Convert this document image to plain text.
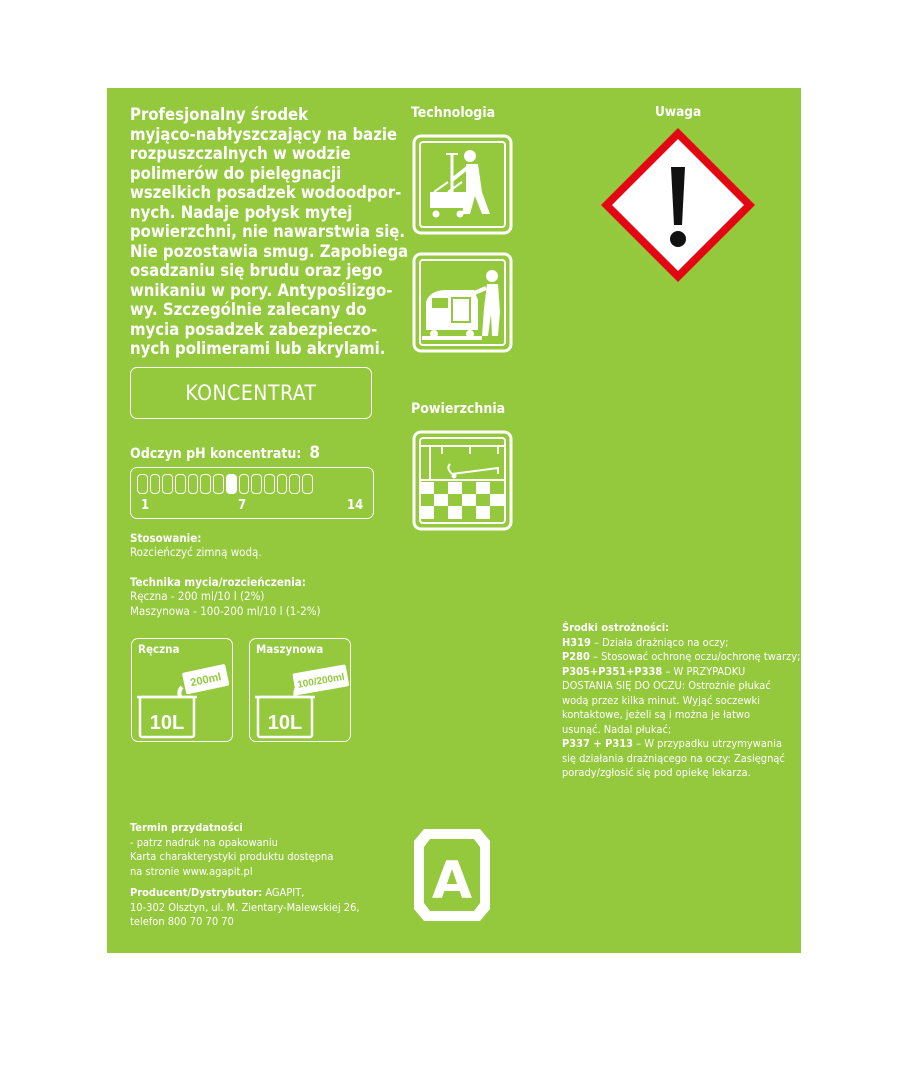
Profesjonalny środek
myjąco-nabłyszczający na bazie
rozpuszczalnych w wodzie
polimerów do pielęgnacji
wszelkich posadzek wodoodpor-
nych. Nadaje połysk mytej
powierzchni, nie nawarstwia się.
Nie pozostawia smug. Zapobiega
osadzaniu się brudu oraz jego
wnikaniu w pory. Antypoślizgo-
wy. Szczególnie zalecany do
mycia posadzek zabezpieczo-
nych polimerami lub akrylami.
KONCENTRAT
Odczyn pH koncentratu: 8
1	7	14
Stosowanie:
Rozcieńczyć zimną wodą.
Technika mycia/rozcieńczenia:
Ręczna - 200 ml/10 l (2%)
Maszynowa - 100-200 ml/10 l (1-2%)
Ręczna
200ml
10L
Maszynowa
100/200ml
10L
Termin przydatności
- patrz nadruk na opakowaniu
Karta charakterystyki produktu dostępna
na stronie www.agapit.pl
Producent/Dystrybutor: AGAPIT,
10-302 Olsztyn, ul. M. Zientary-Malewskiej 26,
telefon 800 70 70 70
Technologia
Powierzchnia
Uwaga
Środki ostrożności:
H319 – Działa drażniąco na oczy;
P280 – Stosować ochronę oczu/ochronę twarzy;
P305+P351+P338 – W PRZYPADKU
DOSTANIA SIĘ DO OCZU: Ostrożnie płukać
wodą przez kilka minut. Wyjąć soczewki
kontaktowe, jeżeli są i można je łatwo
usunąć. Nadal płukać;
P337 + P313 – W przypadku utrzymywania
się działania drażniącego na oczy: Zasięgnąć
porady/zgłosić się pod opiekę lekarza.
A
